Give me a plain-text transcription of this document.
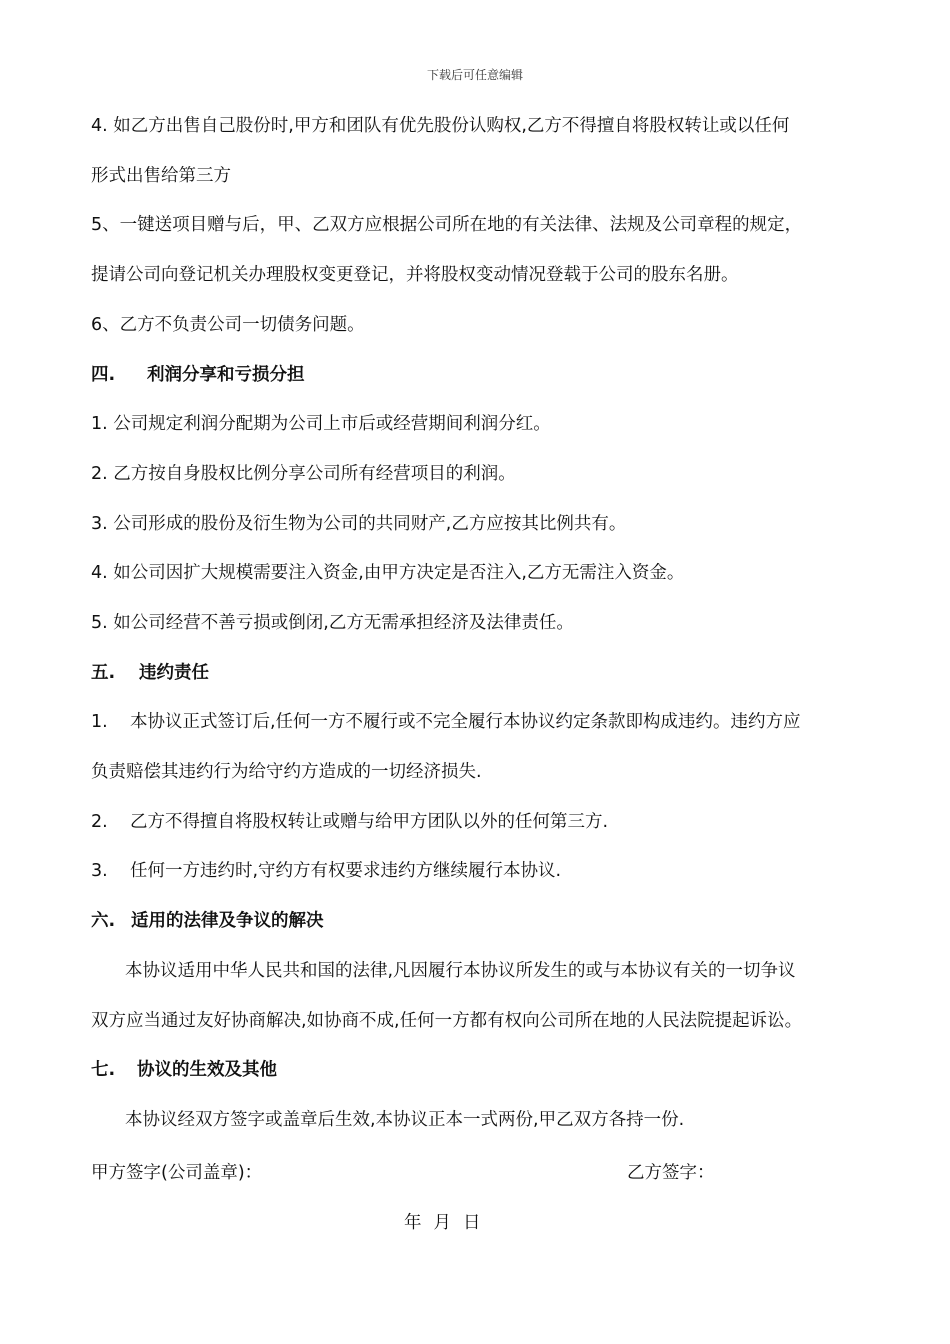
下载后可任意编辑
4. 如乙方出售自己股份时,甲方和团队有优先股份认购权,乙方不得擅自将股权转让或以任何
形式出售给第三方
5、一键送项目赠与后，甲、乙双方应根据公司所在地的有关法律、法规及公司章程的规定，
提请公司向登记机关办理股权变更登记，并将股权变动情况登载于公司的股东名册。
6、乙方不负责公司一切债务问题。
四. 利润分享和亏损分担
1. 公司规定利润分配期为公司上市后或经营期间利润分红。
2. 乙方按自身股权比例分享公司所有经营项目的利润。
3. 公司形成的股份及衍生物为公司的共同财产,乙方应按其比例共有。
4. 如公司因扩大规模需要注入资金,由甲方决定是否注入,乙方无需注入资金。
5. 如公司经营不善亏损或倒闭,乙方无需承担经济及法律责任。
五. 违约责任
1.    本协议正式签订后,任何一方不履行或不完全履行本协议约定条款即构成违约。违约方应
负责赔偿其违约行为给守约方造成的一切经济损失.
2.    乙方不得擅自将股权转让或赠与给甲方团队以外的任何第三方.
3.    任何一方违约时,守约方有权要求违约方继续履行本协议.
六. 适用的法律及争议的解决
本协议适用中华人民共和国的法律,凡因履行本协议所发生的或与本协议有关的一切争议
双方应当通过友好协商解决,如协商不成,任何一方都有权向公司所在地的人民法院提起诉讼。
七. 协议的生效及其他
本协议经双方签字或盖章后生效,本协议正本一式两份,甲乙双方各持一份.
甲方签字(公司盖章)：	乙方签字：
年 月 日
